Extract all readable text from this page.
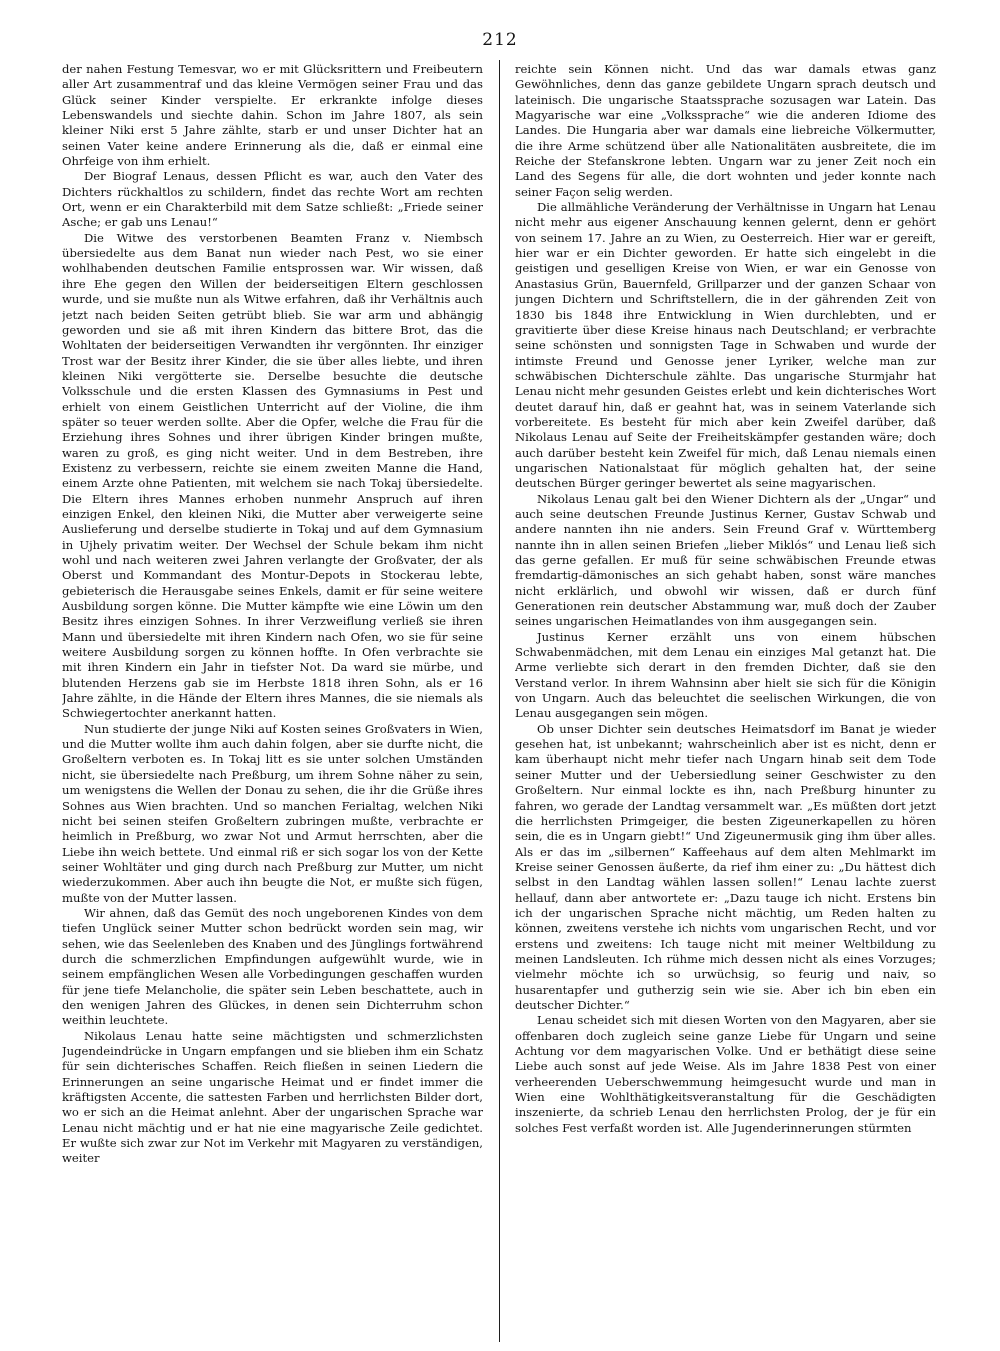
212

der nahen Festung Temesvar, wo er mit Glücksrittern und Freibeutern aller Art zusammentraf und das kleine Vermögen seiner Frau und das Glück seiner Kinder verspielte. Er erkrankte infolge dieses Lebenswandels und siechte dahin. Schon im Jahre 1807, als sein kleiner Niki erst 5 Jahre zählte, starb er und unser Dichter hat an seinen Vater keine andere Erinnerung als die, daß er einmal eine Ohrfeige von ihm erhielt.

Der Biograf Lenaus, dessen Pflicht es war, auch den Vater des Dichters rückhaltlos zu schildern, findet das rechte Wort am rechten Ort, wenn er ein Charakterbild mit dem Satze schließt: „Friede seiner Asche; er gab uns Lenau!“

Die Witwe des verstorbenen Beamten Franz v. Niembsch übersiedelte aus dem Banat nun wieder nach Pest, wo sie einer wohlhabenden deutschen Familie entsprossen war. Wir wissen, daß ihre Ehe gegen den Willen der beiderseitigen Eltern geschlossen wurde, und sie mußte nun als Witwe erfahren, daß ihr Verhältnis auch jetzt nach beiden Seiten getrübt blieb. Sie war arm und abhängig geworden und sie aß mit ihren Kindern das bittere Brot, das die Wohltaten der beiderseitigen Verwandten ihr vergönnten. Ihr einziger Trost war der Besitz ihrer Kinder, die sie über alles liebte, und ihren kleinen Niki vergötterte sie. Derselbe besuchte die deutsche Volksschule und die ersten Klassen des Gymnasiums in Pest und erhielt von einem Geistlichen Unterricht auf der Violine, die ihm später so teuer werden sollte. Aber die Opfer, welche die Frau für die Erziehung ihres Sohnes und ihrer übrigen Kinder bringen mußte, waren zu groß, es ging nicht weiter. Und in dem Bestreben, ihre Existenz zu verbessern, reichte sie einem zweiten Manne die Hand, einem Arzte ohne Patienten, mit welchem sie nach Tokaj übersiedelte. Die Eltern ihres Mannes erhoben nunmehr Anspruch auf ihren einzigen Enkel, den kleinen Niki, die Mutter aber verweigerte seine Auslieferung und derselbe studierte in Tokaj und auf dem Gymnasium in Ujhely privatim weiter. Der Wechsel der Schule bekam ihm nicht wohl und nach weiteren zwei Jahren verlangte der Großvater, der als Oberst und Kommandant des Montur-Depots in Stockerau lebte, gebieterisch die Herausgabe seines Enkels, damit er für seine weitere Ausbildung sorgen könne. Die Mutter kämpfte wie eine Löwin um den Besitz ihres einzigen Sohnes. In ihrer Verzweiflung verließ sie ihren Mann und übersiedelte mit ihren Kindern nach Ofen, wo sie für seine weitere Ausbildung sorgen zu können hoffte. In Ofen verbrachte sie mit ihren Kindern ein Jahr in tiefster Not. Da ward sie mürbe, und blutenden Herzens gab sie im Herbste 1818 ihren Sohn, als er 16 Jahre zählte, in die Hände der Eltern ihres Mannes, die sie niemals als Schwiegertochter anerkannt hatten.

Nun studierte der junge Niki auf Kosten seines Großvaters in Wien, und die Mutter wollte ihm auch dahin folgen, aber sie durfte nicht, die Großeltern verboten es. In Tokaj litt es sie unter solchen Umständen nicht, sie übersiedelte nach Preßburg, um ihrem Sohne näher zu sein, um wenigstens die Wellen der Donau zu sehen, die ihr die Grüße ihres Sohnes aus Wien brachten. Und so manchen Ferialtag, welchen Niki nicht bei seinen steifen Großeltern zubringen mußte, verbrachte er heimlich in Preßburg, wo zwar Not und Armut herrschten, aber die Liebe ihn weich bettete. Und einmal riß er sich sogar los von der Kette seiner Wohltäter und ging durch nach Preßburg zur Mutter, um nicht wiederzukommen. Aber auch ihn beugte die Not, er mußte sich fügen, mußte von der Mutter lassen.

Wir ahnen, daß das Gemüt des noch ungeborenen Kindes von dem tiefen Unglück seiner Mutter schon bedrückt worden sein mag, wir sehen, wie das Seelenleben des Knaben und des Jünglings fortwährend durch die schmerzlichen Empfindungen aufgewühlt wurde, wie in seinem empfänglichen Wesen alle Vorbedingungen geschaffen wurden für jene tiefe Melancholie, die später sein Leben beschattete, auch in den wenigen Jahren des Glückes, in denen sein Dichterruhm schon weithin leuchtete.

Nikolaus Lenau hatte seine mächtigsten und schmerzlichsten Jugendeindrücke in Ungarn empfangen und sie blieben ihm ein Schatz für sein dichterisches Schaffen. Reich fließen in seinen Liedern die Erinnerungen an seine ungarische Heimat und er findet immer die kräftigsten Accente, die sattesten Farben und herrlichsten Bilder dort, wo er sich an die Heimat anlehnt. Aber der ungarischen Sprache war Lenau nicht mächtig und er hat nie eine magyarische Zeile gedichtet. Er wußte sich zwar zur Not im Verkehr mit Magyaren zu verständigen, weiter

reichte sein Können nicht. Und das war damals etwas ganz Gewöhnliches, denn das ganze gebildete Ungarn sprach deutsch und lateinisch. Die ungarische Staatssprache sozusagen war Latein. Das Magyarische war eine „Volkssprache“ wie die anderen Idiome des Landes. Die Hungaria aber war damals eine liebreiche Völkermutter, die ihre Arme schützend über alle Nationalitäten ausbreitete, die im Reiche der Stefanskrone lebten. Ungarn war zu jener Zeit noch ein Land des Segens für alle, die dort wohnten und jeder konnte nach seiner Façon selig werden.

Die allmähliche Veränderung der Verhältnisse in Ungarn hat Lenau nicht mehr aus eigener Anschauung kennen gelernt, denn er gehört von seinem 17. Jahre an zu Wien, zu Oesterreich. Hier war er gereift, hier war er ein Dichter geworden. Er hatte sich eingelebt in die geistigen und geselligen Kreise von Wien, er war ein Genosse von Anastasius Grün, Bauernfeld, Grillparzer und der ganzen Schaar von jungen Dichtern und Schriftstellern, die in der gährenden Zeit von 1830 bis 1848 ihre Entwicklung in Wien durchlebten, und er gravitierte über diese Kreise hinaus nach Deutschland; er verbrachte seine schönsten und sonnigsten Tage in Schwaben und wurde der intimste Freund und Genosse jener Lyriker, welche man zur schwäbischen Dichterschule zählte. Das ungarische Sturmjahr hat Lenau nicht mehr gesunden Geistes erlebt und kein dichterisches Wort deutet darauf hin, daß er geahnt hat, was in seinem Vaterlande sich vorbereitete. Es besteht für mich aber kein Zweifel darüber, daß Nikolaus Lenau auf Seite der Freiheitskämpfer gestanden wäre; doch auch darüber besteht kein Zweifel für mich, daß Lenau niemals einen ungarischen Nationalstaat für möglich gehalten hat, der seine deutschen Bürger geringer bewertet als seine magyarischen.

Nikolaus Lenau galt bei den Wiener Dichtern als der „Ungar“ und auch seine deutschen Freunde Justinus Kerner, Gustav Schwab und andere nannten ihn nie anders. Sein Freund Graf v. Württemberg nannte ihn in allen seinen Briefen „lieber Miklós“ und Lenau ließ sich das gerne gefallen. Er muß für seine schwäbischen Freunde etwas fremdartig-dämonisches an sich gehabt haben, sonst wäre manches nicht erklärlich, und obwohl wir wissen, daß er durch fünf Generationen rein deutscher Abstammung war, muß doch der Zauber seines ungarischen Heimatlandes von ihm ausgegangen sein.

Justinus Kerner erzählt uns von einem hübschen Schwabenmädchen, mit dem Lenau ein einziges Mal getanzt hat. Die Arme verliebte sich derart in den fremden Dichter, daß sie den Verstand verlor. In ihrem Wahnsinn aber hielt sie sich für die Königin von Ungarn. Auch das beleuchtet die seelischen Wirkungen, die von Lenau ausgegangen sein mögen.

Ob unser Dichter sein deutsches Heimatsdorf im Banat je wieder gesehen hat, ist unbekannt; wahrscheinlich aber ist es nicht, denn er kam überhaupt nicht mehr tiefer nach Ungarn hinab seit dem Tode seiner Mutter und der Uebersiedlung seiner Geschwister zu den Großeltern. Nur einmal lockte es ihn, nach Preßburg hinunter zu fahren, wo gerade der Landtag versammelt war. „Es müßten dort jetzt die herrlichsten Primgeiger, die besten Zigeunerkapellen zu hören sein, die es in Ungarn giebt!“ Und Zigeunermusik ging ihm über alles. Als er das im „silbernen“ Kaffeehaus auf dem alten Mehlmarkt im Kreise seiner Genossen äußerte, da rief ihm einer zu: „Du hättest dich selbst in den Landtag wählen lassen sollen!“ Lenau lachte zuerst hellauf, dann aber antwortete er: „Dazu tauge ich nicht. Erstens bin ich der ungarischen Sprache nicht mächtig, um Reden halten zu können, zweitens verstehe ich nichts vom ungarischen Recht, und vor erstens und zweitens: Ich tauge nicht mit meiner Weltbildung zu meinen Landsleuten. Ich rühme mich dessen nicht als eines Vorzuges; vielmehr möchte ich so urwüchsig, so feurig und naiv, so husarentapfer und gutherzig sein wie sie. Aber ich bin eben ein deutscher Dichter.“

Lenau scheidet sich mit diesen Worten von den Magyaren, aber sie offenbaren doch zugleich seine ganze Liebe für Ungarn und seine Achtung vor dem magyarischen Volke. Und er bethätigt diese seine Liebe auch sonst auf jede Weise. Als im Jahre 1838 Pest von einer verheerenden Ueberschwemmung heimgesucht wurde und man in Wien eine Wohlthätigkeitsveranstaltung für die Geschädigten inszenierte, da schrieb Lenau den herrlichsten Prolog, der je für ein solches Fest verfaßt worden ist. Alle Jugenderinnerungen stürmten
